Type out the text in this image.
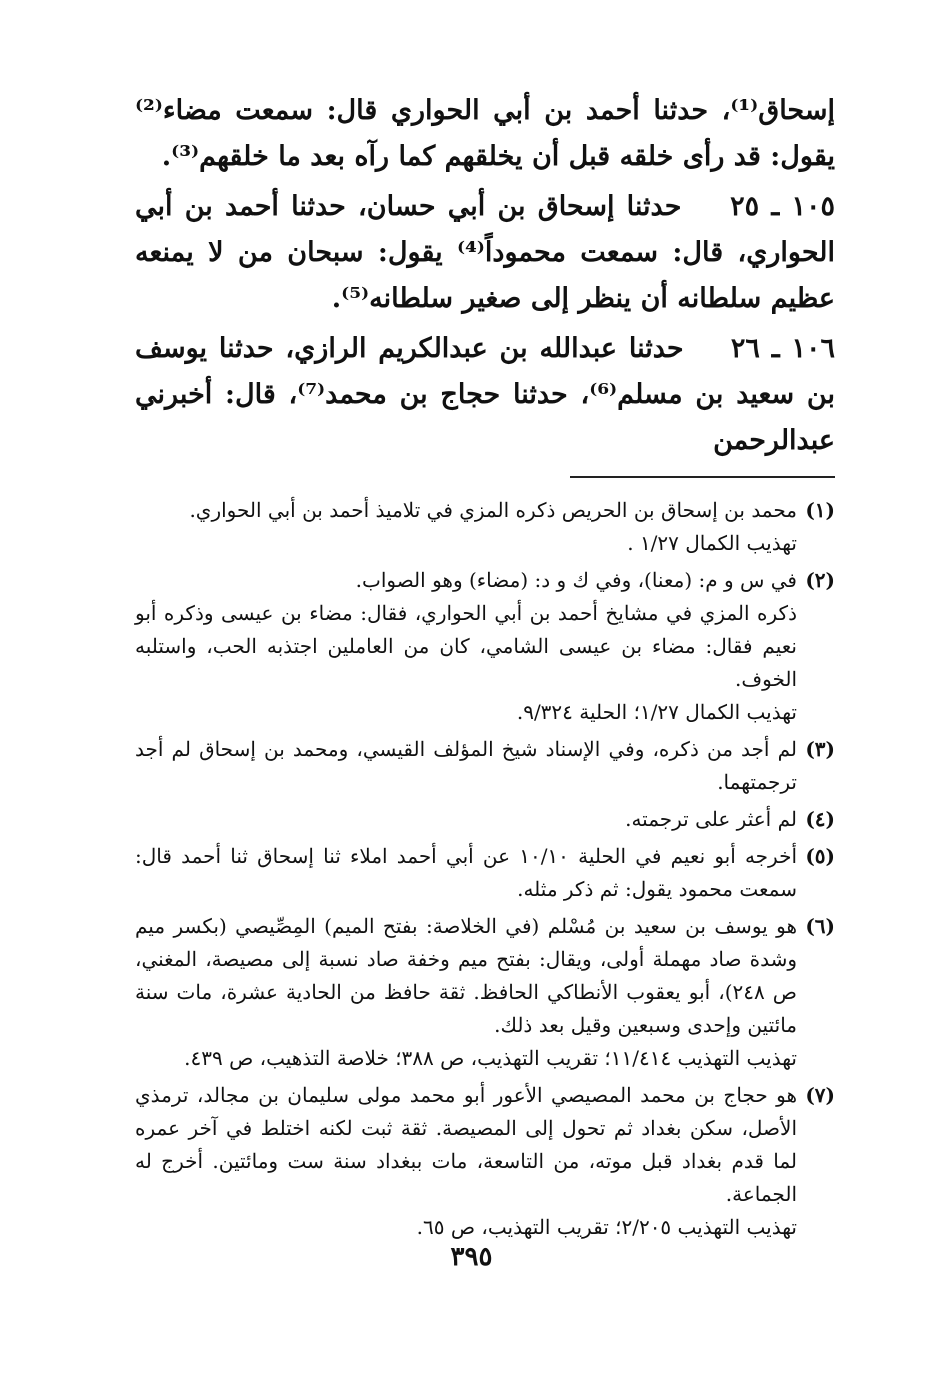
إسحاق⁽¹⁾، حدثنا أحمد بن أبي الحواري قال: سمعت مضاء⁽²⁾ يقول: قد رأى خلقه قبل أن يخلقهم كما رآه بعد ما خلقهم⁽³⁾.

١٠٥ ـ ٢٥    حدثنا إسحاق بن أبي حسان، حدثنا أحمد بن أبي الحواري، قال: سمعت محموداً⁽⁴⁾ يقول: سبحان من لا يمنعه عظيم سلطانه أن ينظر إلى صغير سلطانه⁽⁵⁾.

١٠٦ ـ ٢٦    حدثنا عبدالله بن عبدالكريم الرازي، حدثنا يوسف بن سعيد بن مسلم⁽⁶⁾، حدثنا حجاج بن محمد⁽⁷⁾، قال: أخبرني عبدالرحمن

(١)
محمد بن إسحاق بن الحريص ذكره المزي في تلاميذ أحمد بن أبي الحواري.
تهذيب الكمال ١/٢٧ .
(٢)
في س و م: (معنا)، وفي ك و د: (مضاء) وهو الصواب.
ذكره المزي في مشايخ أحمد بن أبي الحواري، فقال: مضاء بن عيسى وذكره أبو نعيم فقال: مضاء بن عيسى الشامي، كان من العاملين اجتذبه الحب، واستلبه الخوف.
تهذيب الكمال ١/٢٧؛ الحلية ٩/٣٢٤.
(٣)
لم أجد من ذكره، وفي الإسناد شيخ المؤلف القيسي، ومحمد بن إسحاق لم أجد ترجمتهما.
(٤)
لم أعثر على ترجمته.
(٥)
أخرجه أبو نعيم في الحلية ١٠/١٠ عن أبي أحمد املاء ثنا إسحاق ثنا أحمد قال: سمعت محمود يقول: ثم ذكر مثله.
(٦)
هو يوسف بن سعيد بن مُسْلم (في الخلاصة: بفتح الميم) المِصِّيصي (بكسر ميم وشدة صاد مهملة أولى، ويقال: بفتح ميم وخفة صاد نسبة إلى مصيصة، المغني، ص ٢٤٨)، أبو يعقوب الأنطاكي الحافظ. ثقة حافظ من الحادية عشرة، مات سنة مائتين وإحدى وسبعين وقيل بعد ذلك.
تهذيب التهذيب ١١/٤١٤؛ تقريب التهذيب، ص ٣٨٨؛ خلاصة التذهيب، ص ٤٣٩.
(٧)
هو حجاج بن محمد المصيصي الأعور أبو محمد مولى سليمان بن مجالد، ترمذي الأصل، سكن بغداد ثم تحول إلى المصيصة. ثقة ثبت لكنه اختلط في آخر عمره لما قدم بغداد قبل موته، من التاسعة، مات ببغداد سنة ست ومائتين. أخرج له الجماعة.
تهذيب التهذيب ٢/٢٠٥؛ تقريب التهذيب، ص ٦٥.
٣٩٥
